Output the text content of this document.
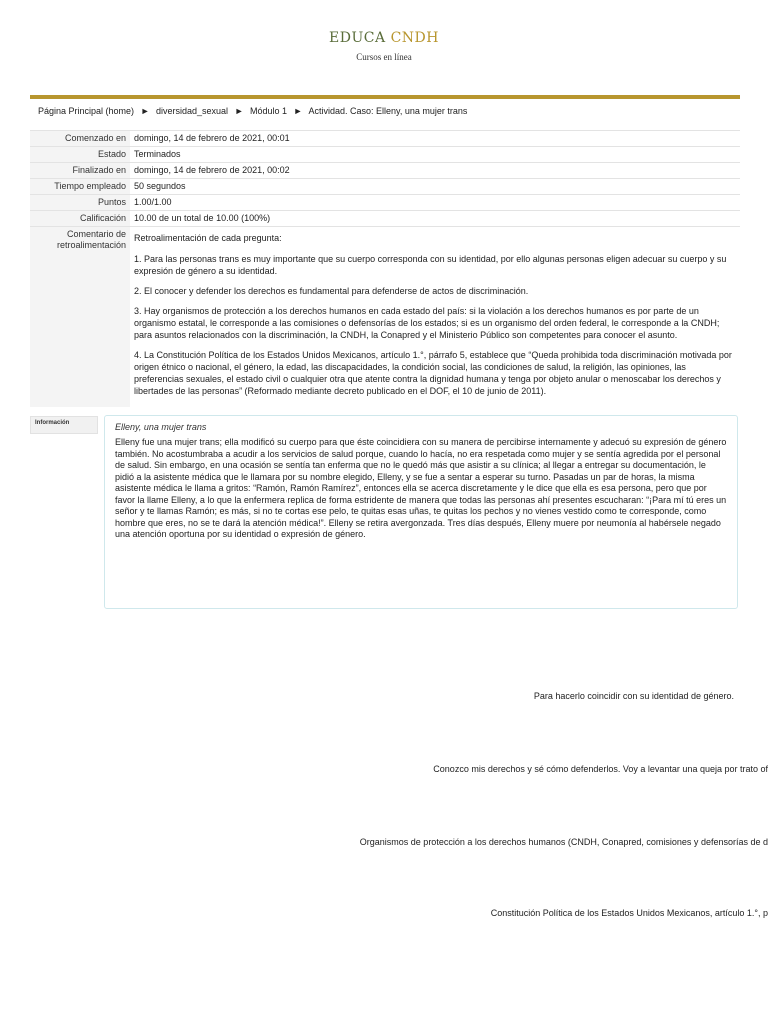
EDUCA CNDH
Cursos en línea
Página Principal (home) ► diversidad_sexual ► Módulo 1 ► Actividad. Caso: Elleny, una mujer trans
Comenzado en	domingo, 14 de febrero de 2021, 00:01
Estado	Terminados
Finalizado en	domingo, 14 de febrero de 2021, 00:02
Tiempo empleado	50 segundos
Puntos	1.00/1.00
Calificación	10.00 de un total de 10.00 (100%)
Comentario de retroalimentación	Retroalimentación de cada pregunta:

1. Para las personas trans es muy importante que su cuerpo corresponda con su identidad, por ello algunas personas eligen adecuar su cuerpo y su expresión de género a su identidad.

2. El conocer y defender los derechos es fundamental para defenderse de actos de discriminación.

3. Hay organismos de protección a los derechos humanos en cada estado del país: si la violación a los derechos humanos es por parte de un organismo estatal, le corresponde a las comisiones o defensorías de los estados; si es un organismo del orden federal, le corresponde a la CNDH; para asuntos relacionados con la discriminación, la CNDH, la Conapred y el Ministerio Público son competentes para conocer el asunto.

4. La Constitución Política de los Estados Unidos Mexicanos, artículo 1.°, párrafo 5, establece que “Queda prohibida toda discriminación motivada por origen étnico o nacional, el género, la edad, las discapacidades, la condición social, las condiciones de salud, la religión, las opiniones, las preferencias sexuales, el estado civil o cualquier otra que atente contra la dignidad humana y tenga por objeto anular o menoscabar los derechos y libertades de las personas” (Reformado mediante decreto publicado en el DOF, el 10 de junio de 2011).

Información	Elleny, una mujer trans

Elleny fue una mujer trans; ella modificó su cuerpo para que éste coincidiera con su manera de percibirse internamente y adecuó su expresión de género también. No acostumbraba a acudir a los servicios de salud porque, cuando lo hacía, no era respetada como mujer y se sentía agredida por el personal de salud. Sin embargo, en una ocasión se sentía tan enferma que no le quedó más que asistir a su clínica; al llegar a entregar su documentación, le pidió a la asistente médica que le llamara por su nombre elegido, Elleny, y se fue a sentar a esperar su turno. Pasadas un par de horas, la misma asistente médica le llama a gritos: “Ramón, Ramón Ramírez”, entonces ella se acerca discretamente y le dice que ella es esa persona, pero que por favor la llame Elleny, a lo que la enfermera replica de forma estridente de manera que todas las personas ahí presentes escucharan: “¡Para mí tú eres un señor y te llamas Ramón; es más, si no te cortas ese pelo, te quitas esas uñas, te quitas los pechos y no vienes vestido como te corresponde, como hombre que eres, no se te dará la atención médica!”. Elleny se retira avergonzada. Tres días después, Elleny muere por neumonía al habérsele negado una atención oportuna por su identidad o expresión de género.

Para hacerlo coincidir con su identidad de género.
Conozco mis derechos y sé cómo defenderlos. Voy a levantar una queja por trato of
Organismos de protección a los derechos humanos (CNDH, Conapred, comisiones y defensorías de d
Constitución Política de los Estados Unidos Mexicanos, artículo 1.°, p
